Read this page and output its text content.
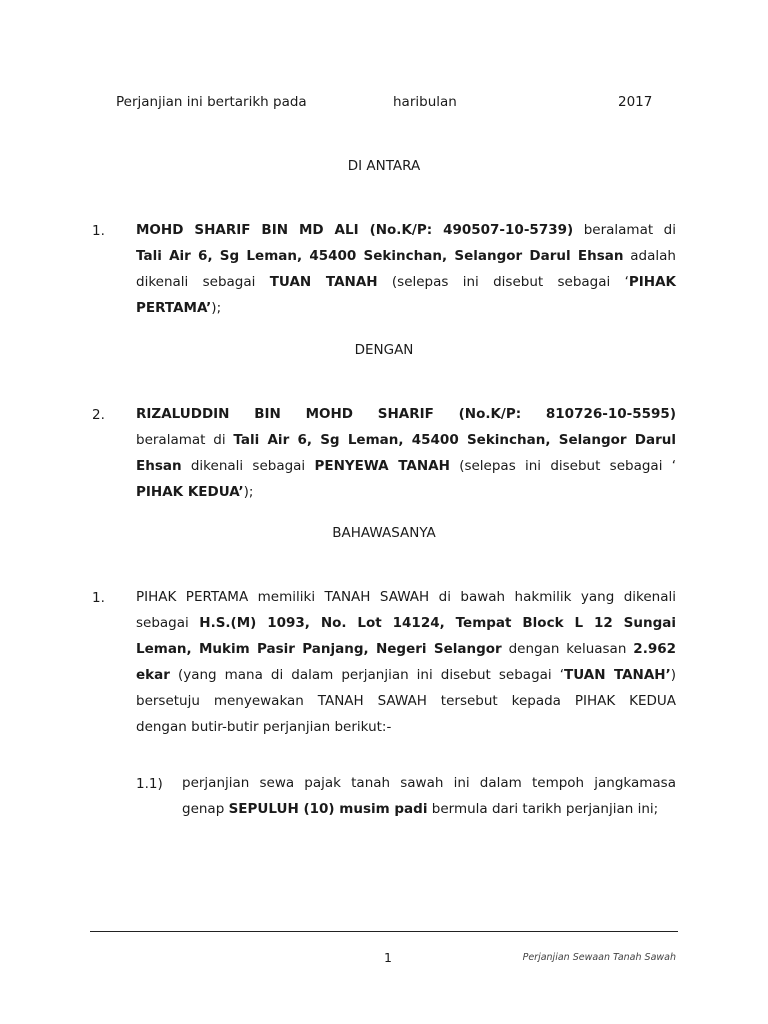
Perjanjian ini bertarikh pada	haribulan	2017
DI ANTARA
1. MOHD SHARIF BIN MD ALI (No.K/P: 490507-10-5739) beralamat di
Tali Air 6, Sg Leman, 45400 Sekinchan, Selangor Darul Ehsan adalah
dikenali sebagai TUAN TANAH (selepas ini disebut sebagai ‘PIHAK
PERTAMA’);
DENGAN
2. RIZALUDDIN BIN MOHD SHARIF (No.K/P: 810726-10-5595)
beralamat di Tali Air 6, Sg Leman, 45400 Sekinchan, Selangor Darul
Ehsan dikenali sebagai PENYEWA TANAH (selepas ini disebut sebagai ‘
PIHAK KEDUA’);
BAHAWASANYA
1. PIHAK PERTAMA memiliki TANAH SAWAH di bawah hakmilik yang dikenali
sebagai H.S.(M) 1093, No. Lot 14124, Tempat Block L 12 Sungai
Leman, Mukim Pasir Panjang, Negeri Selangor dengan keluasan 2.962
ekar (yang mana di dalam perjanjian ini disebut sebagai ‘TUAN TANAH’)
bersetuju menyewakan TANAH SAWAH tersebut kepada PIHAK KEDUA
dengan butir-butir perjanjian berikut:-
1.1) perjanjian sewa pajak tanah sawah ini dalam tempoh jangkamasa
genap SEPULUH (10) musim padi bermula dari tarikh perjanjian ini;
1	Perjanjian Sewaan Tanah Sawah
